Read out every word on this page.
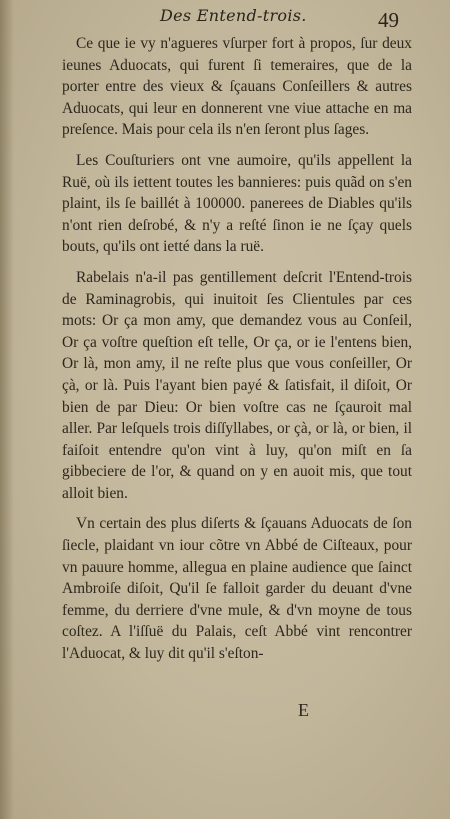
Des Entend-trois.	49

Ce que ie vy n'agueres vſurper fort à propos, ſur deux ieunes Aduocats, qui furent ſi temeraires, que de la porter entre des vieux & ſçauans Conſeillers & autres Aduocats, qui leur en donnerent vne viue attache en ma preſence. Mais pour cela ils n'en ſeront plus ſages.

Les Couſturiers ont vne aumoire, qu'ils appellent la Ruë, où ils iettent toutes les bannieres: puis quãd on s'en plaint, ils ſe baillét à 100000. panerees de Diables qu'ils n'ont rien deſrobé, & n'y a reſté ſinon ie ne ſçay quels bouts, qu'ils ont ietté dans la ruë.

Rabelais n'a-il pas gentillement deſcrit l'Entend-trois de Raminagrobis, qui inuitoit ſes Clientules par ces mots: Or ça mon amy, que demandez vous au Conſeil, Or ça voſtre queſtion eſt telle, Or ça, or ie l'entens bien, Or là, mon amy, il ne reſte plus que vous conſeiller, Or çà, or là. Puis l'ayant bien payé & ſatisfait, il diſoit, Or bien de par Dieu: Or bien voſtre cas ne ſçauroit mal aller. Par leſquels trois diſſyllabes, or çà, or là, or bien, il faiſoit entendre qu'on vint à luy, qu'on miſt en ſa gibbeciere de l'or, & quand on y en auoit mis, que tout alloit bien.

Vn certain des plus diſerts & ſçauans Aduocats de ſon ſiecle, plaidant vn iour cõtre vn Abbé de Ciſteaux, pour vn pauure homme, allegua en plaine audience que ſainct Ambroiſe diſoit, Qu'il ſe falloit garder du deuant d'vne femme, du derriere d'vne mule, & d'vn moyne de tous coſtez. A l'iſſuë du Palais, ceſt Abbé vint rencontrer l'Aduocat, & luy dit qu'il s'eſton-

E
